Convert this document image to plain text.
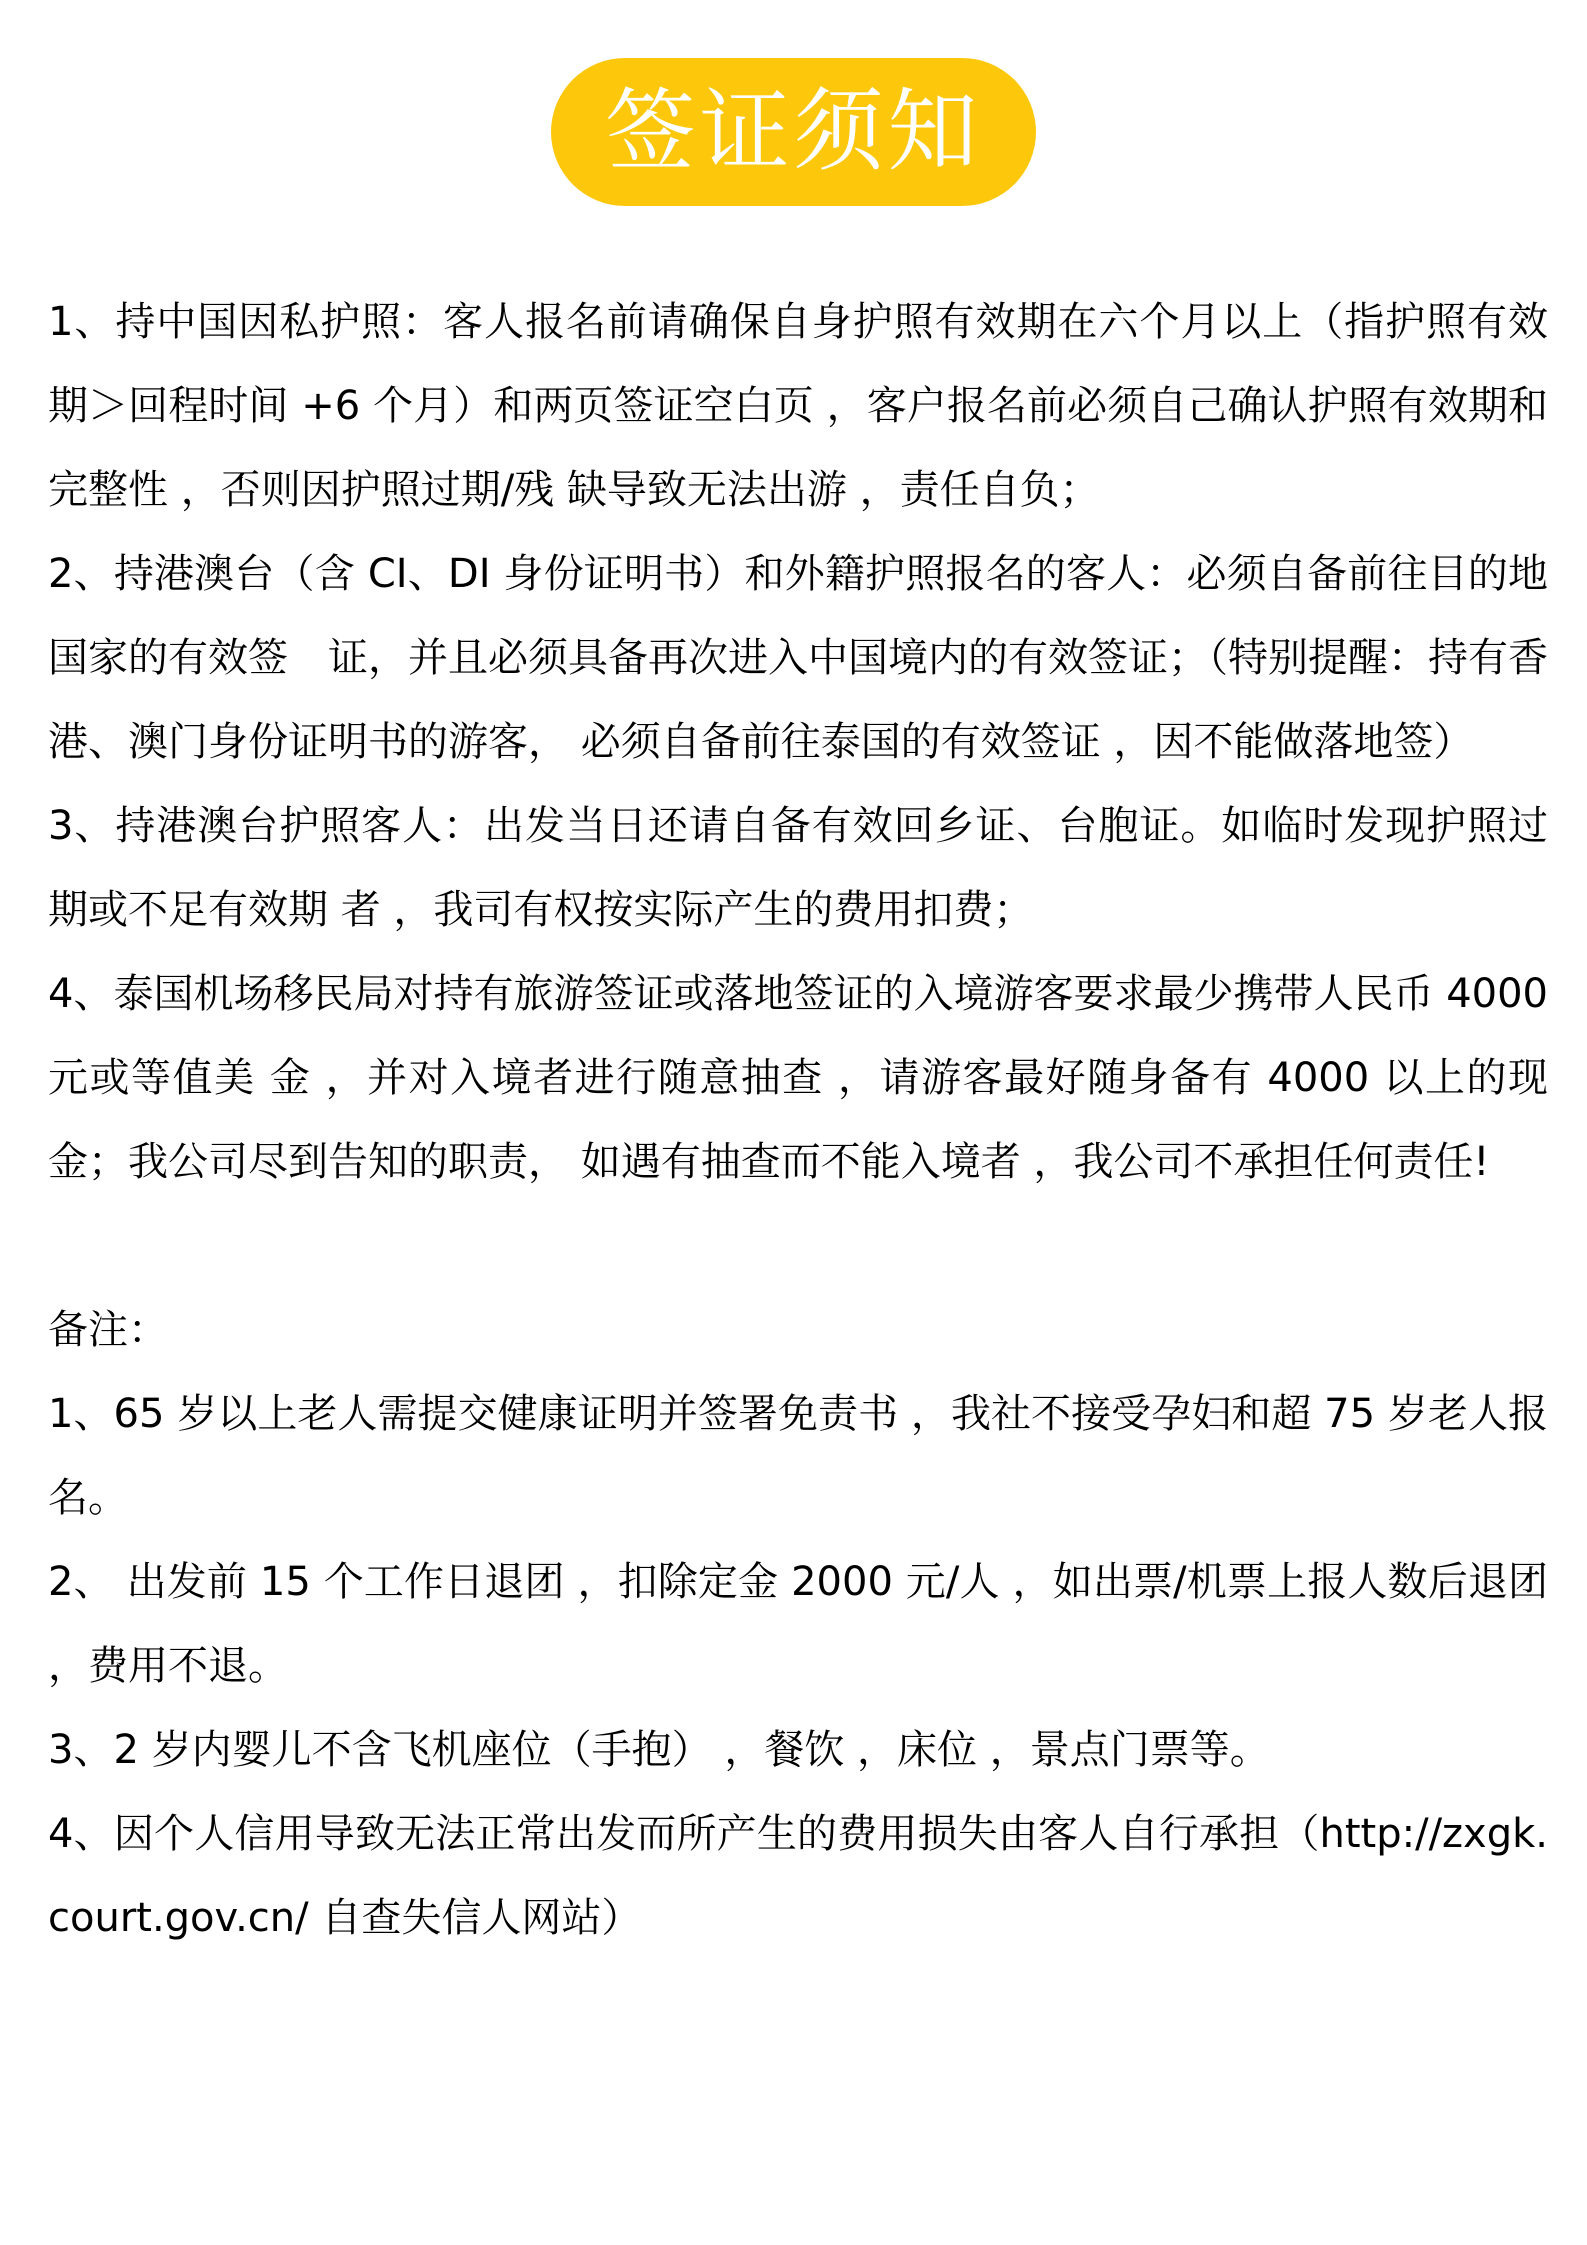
签证须知

1、持中国因私护照：客人报名前请确保自身护照有效期在六个月以上（指护照有效期＞回程时间 +6 个月）和两页签证空白页 ，客户报名前必须自己确认护照有效期和完整性 ，否则因护照过期/残 缺导致无法出游 ，责任自负；

2、持港澳台（含 CI、DI 身份证明书）和外籍护照报名的客人：必须自备前往目的地国家的有效签　证，并且必须具备再次进入中国境内的有效签证；（特别提醒：持有香港、澳门身份证明书的游客， 必须自备前往泰国的有效签证 ，因不能做落地签）

3、持港澳台护照客人：出发当日还请自备有效回乡证、台胞证。如临时发现护照过期或不足有效期 者 ，我司有权按实际产生的费用扣费；

4、泰国机场移民局对持有旅游签证或落地签证的入境游客要求最少携带人民币 4000 元或等值美 金 ，并对入境者进行随意抽查 ，请游客最好随身备有 4000 以上的现金；我公司尽到告知的职责， 如遇有抽查而不能入境者 ，我公司不承担任何责任!

备注：

1、65 岁以上老人需提交健康证明并签署免责书 ，我社不接受孕妇和超 75 岁老人报名。

2、 出发前 15 个工作日退团 ，扣除定金 2000 元/人 ，如出票/机票上报人数后退团 ，费用不退。

3、2 岁内婴儿不含飞机座位（手抱） ，餐饮 ，床位 ，景点门票等。

4、因个人信用导致无法正常出发而所产生的费用损失由客人自行承担（http://zxgk.court.gov.cn/ 自查失信人网站）
